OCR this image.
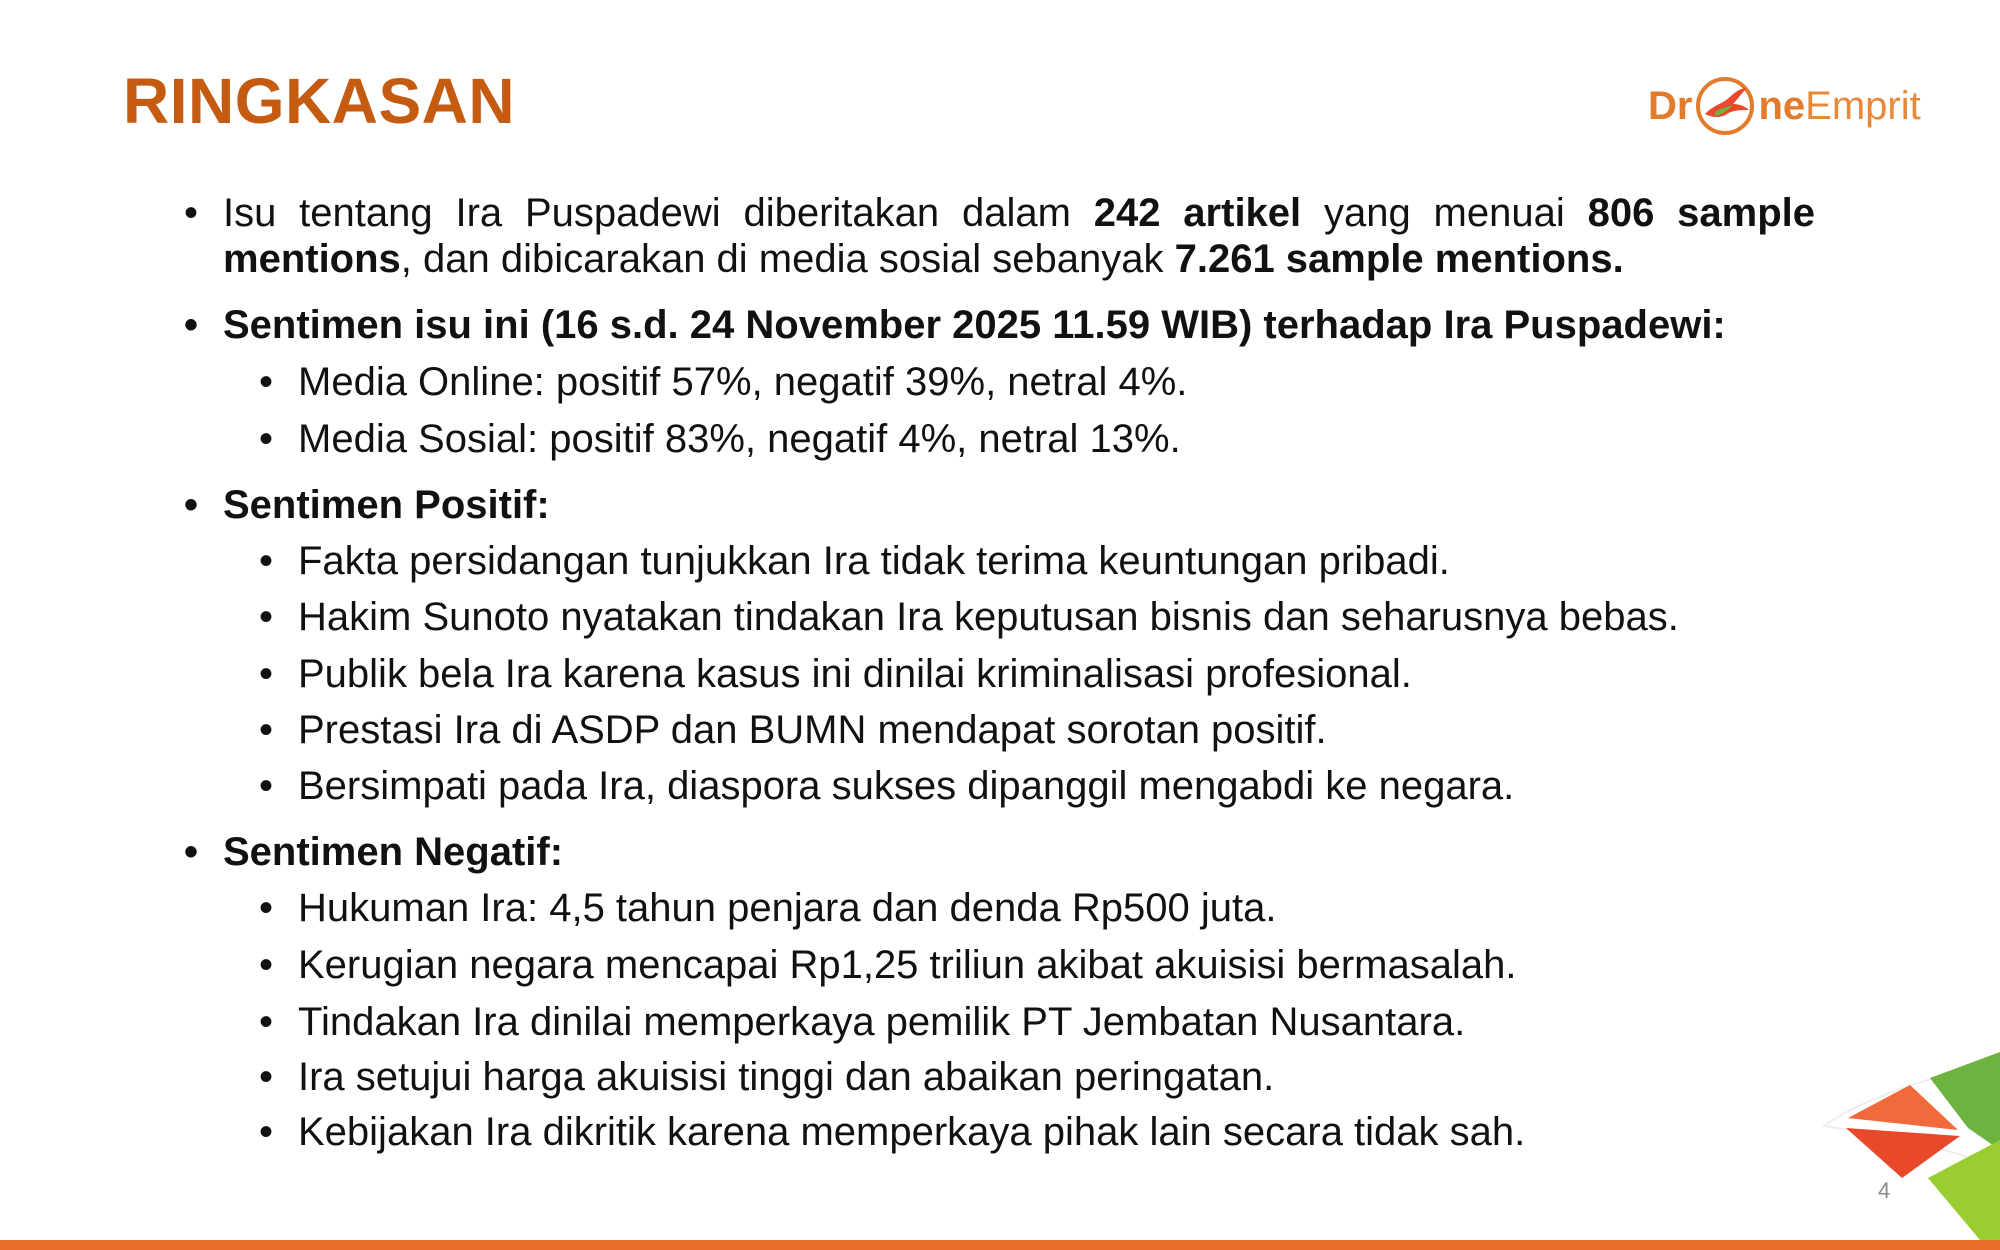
RINGKASAN	Dr ne Emprit
• Isu tentang Ira Puspadewi diberitakan dalam 242 artikel yang menuai 806 sample mentions, dan dibicarakan di media sosial sebanyak 7.261 sample mentions.
• Sentimen isu ini (16 s.d. 24 November 2025 11.59 WIB) terhadap Ira Puspadewi:
• Media Online: positif 57%, negatif 39%, netral 4%.
• Media Sosial: positif 83%, negatif 4%, netral 13%.
• Sentimen Positif:
• Fakta persidangan tunjukkan Ira tidak terima keuntungan pribadi.
• Hakim Sunoto nyatakan tindakan Ira keputusan bisnis dan seharusnya bebas.
• Publik bela Ira karena kasus ini dinilai kriminalisasi profesional.
• Prestasi Ira di ASDP dan BUMN mendapat sorotan positif.
• Bersimpati pada Ira, diaspora sukses dipanggil mengabdi ke negara.
• Sentimen Negatif:
• Hukuman Ira: 4,5 tahun penjara dan denda Rp500 juta.
• Kerugian negara mencapai Rp1,25 triliun akibat akuisisi bermasalah.
• Tindakan Ira dinilai memperkaya pemilik PT Jembatan Nusantara.
• Ira setujui harga akuisisi tinggi dan abaikan peringatan.
• Kebijakan Ira dikritik karena memperkaya pihak lain secara tidak sah.
4
